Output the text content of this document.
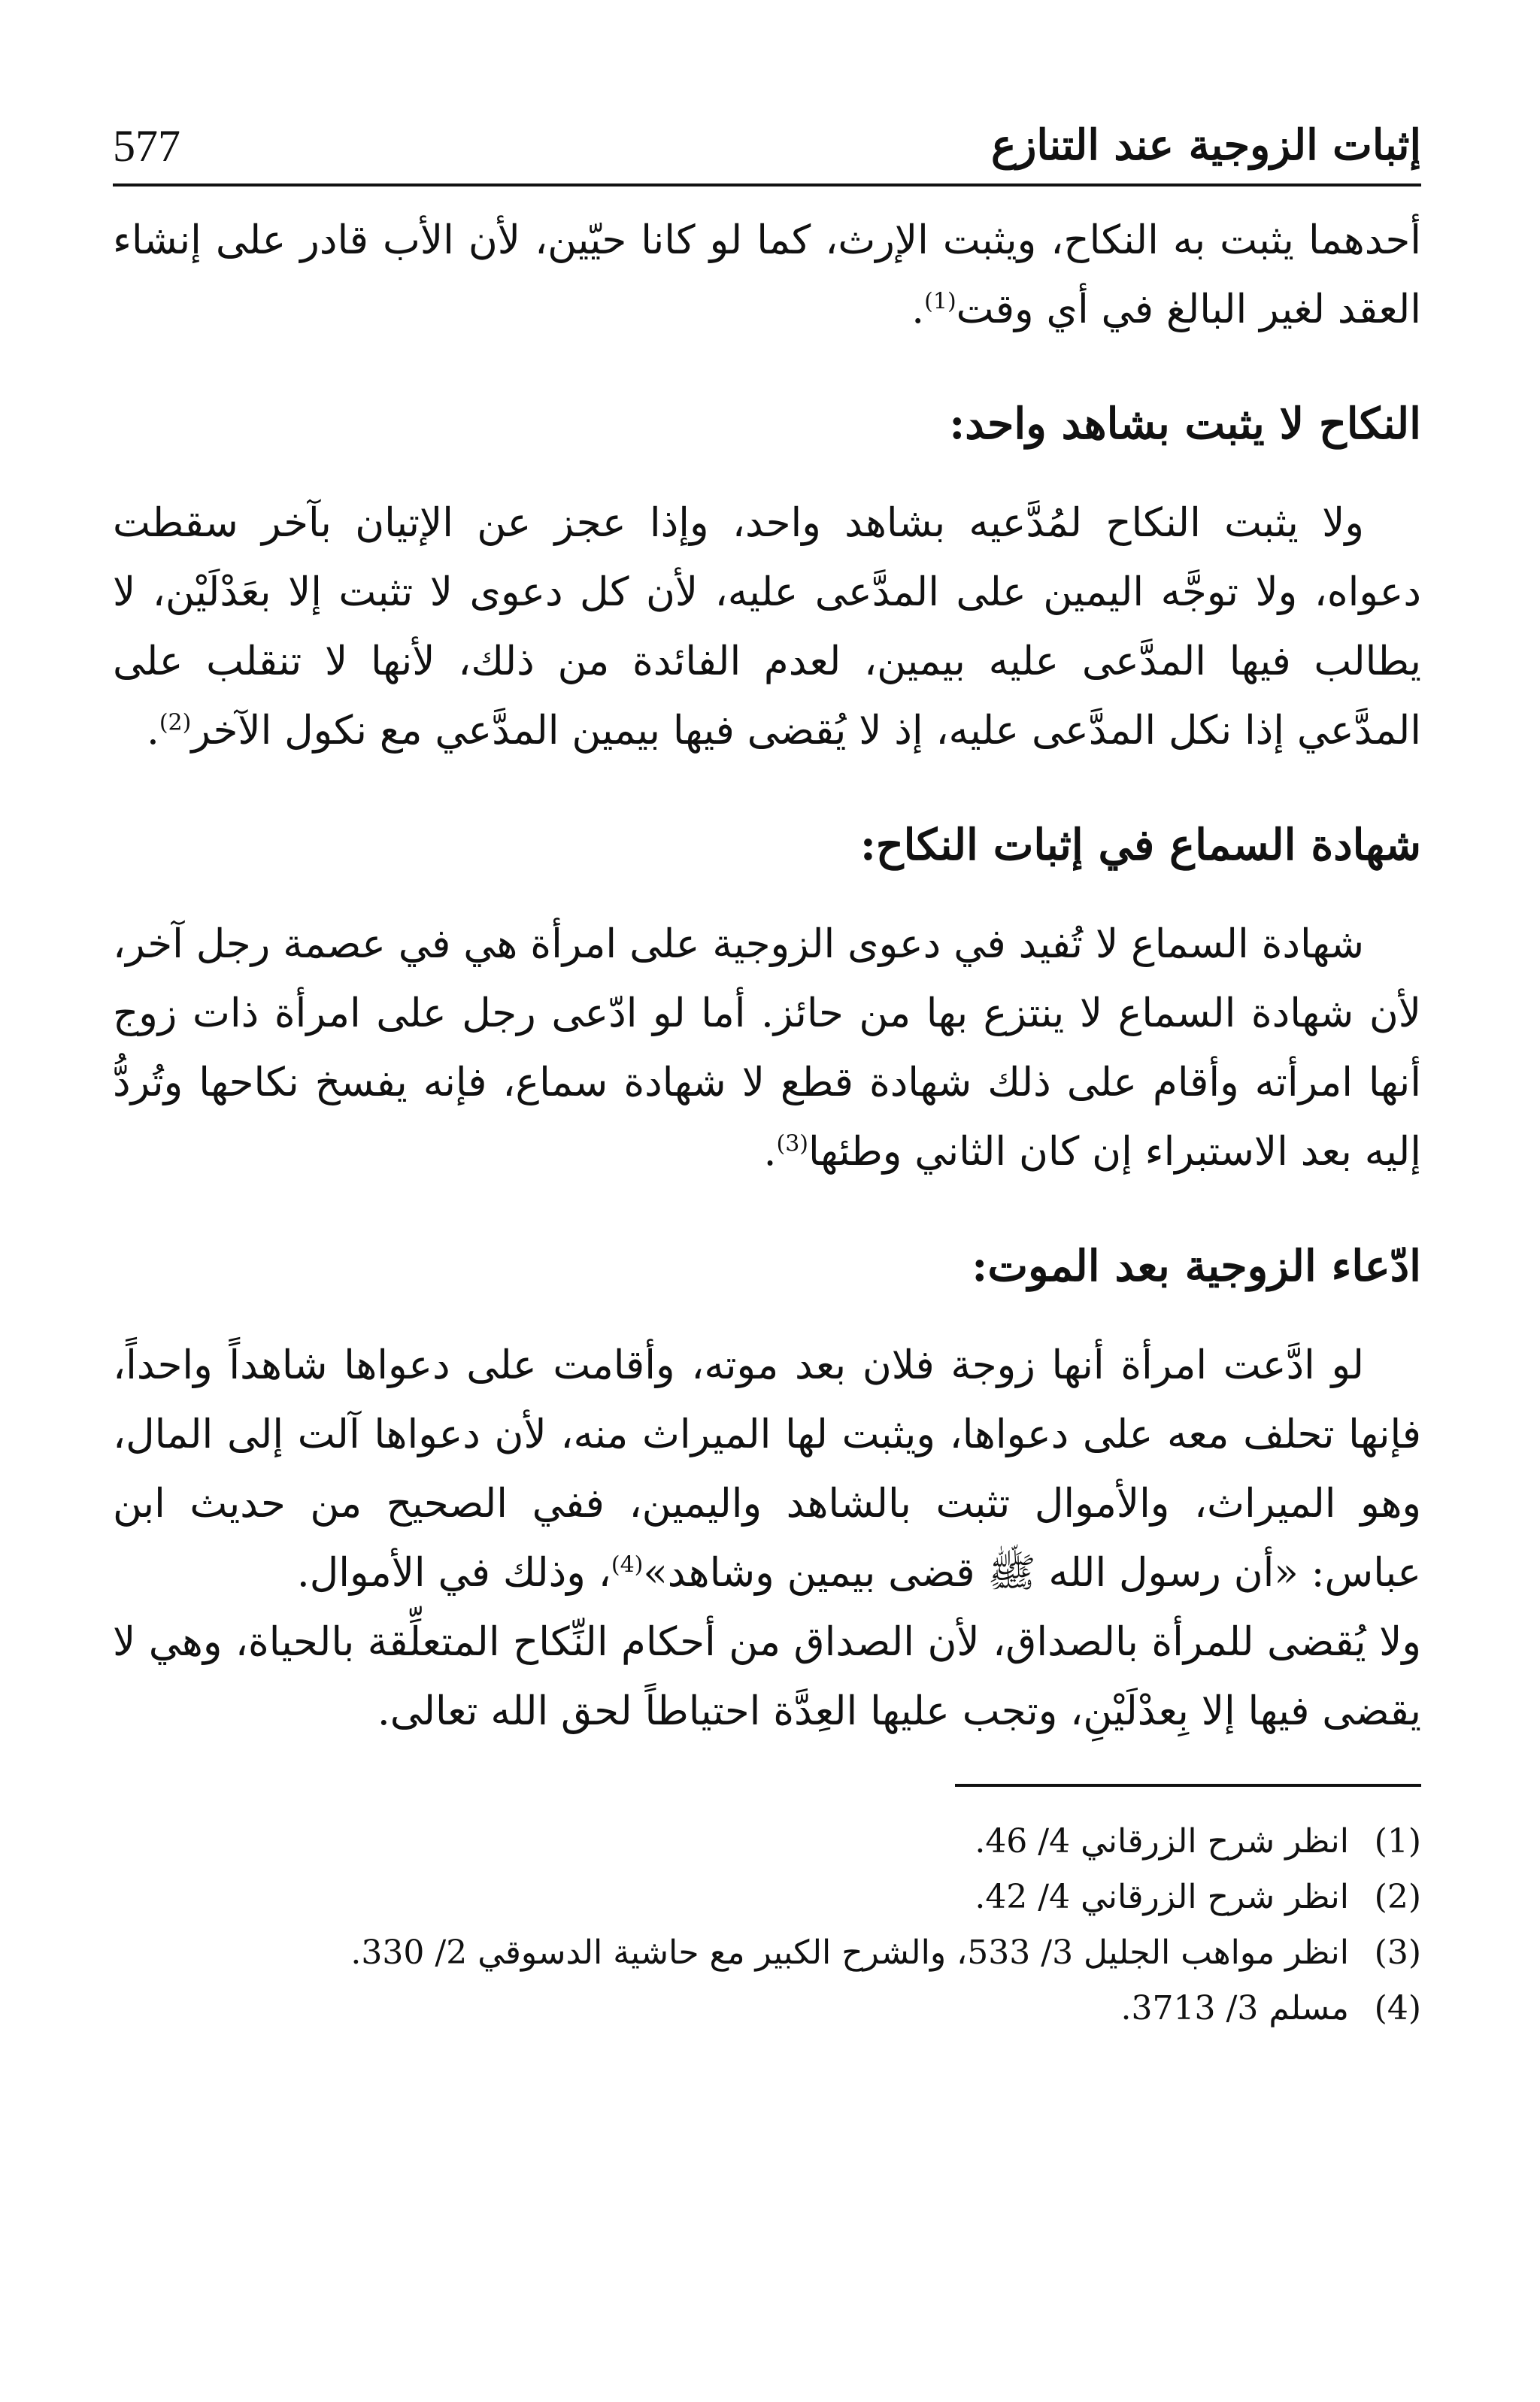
إثبات الزوجية عند التنازع
577

أحدهما يثبت به النكاح، ويثبت الإرث، كما لو كانا حيّين، لأن الأب قادر على إنشاء العقد لغير البالغ في أي وقت$^{(1)}$.

النكاح لا يثبت بشاهد واحد:

ولا يثبت النكاح لمُدَّعيه بشاهد واحد، وإذا عجز عن الإتيان بآخر سقطت دعواه، ولا توجَّه اليمين على المدَّعى عليه، لأن كل دعوى لا تثبت إلا بعَدْلَيْن، لا يطالب فيها المدَّعى عليه بيمين، لعدم الفائدة من ذلك، لأنها لا تنقلب على المدَّعي إذا نكل المدَّعى عليه، إذ لا يُقضى فيها بيمين المدَّعي مع نكول الآخر$^{(2)}$.

شهادة السماع في إثبات النكاح:

شهادة السماع لا تُفيد في دعوى الزوجية على امرأة هي في عصمة رجل آخر، لأن شهادة السماع لا ينتزع بها من حائز. أما لو ادّعى رجل على امرأة ذات زوج أنها امرأته وأقام على ذلك شهادة قطع لا شهادة سماع، فإنه يفسخ نكاحها وتُردُّ إليه بعد الاستبراء إن كان الثاني وطئها$^{(3)}$.

ادّعاء الزوجية بعد الموت:

لو ادَّعت امرأة أنها زوجة فلان بعد موته، وأقامت على دعواها شاهداً واحداً، فإنها تحلف معه على دعواها، ويثبت لها الميراث منه، لأن دعواها آلت إلى المال، وهو الميراث، والأموال تثبت بالشاهد واليمين، ففي الصحيح من حديث ابن عباس: «أن رسول الله ﷺ قضى بيمين وشاهد»$^{(4)}$، وذلك في الأموال.

ولا يُقضى للمرأة بالصداق، لأن الصداق من أحكام النِّكاح المتعلِّقة بالحياة، وهي لا يقضى فيها إلا بِعدْلَيْنِ، وتجب عليها العِدَّة احتياطاً لحق الله تعالى.

(1)
انظر شرح الزرقاني 4/ 46.
(2)
انظر شرح الزرقاني 4/ 42.
(3)
انظر مواهب الجليل 3/ 533، والشرح الكبير مع حاشية الدسوقي 2/ 330.
(4)
مسلم 3/ 3713.
